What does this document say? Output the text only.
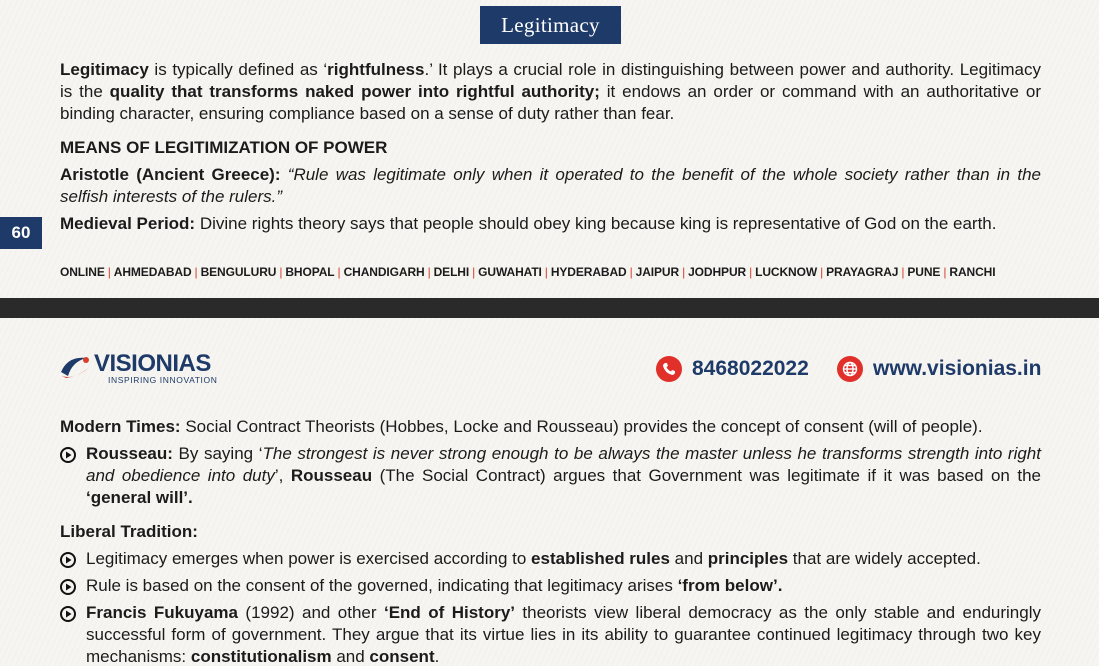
Legitimacy

Legitimacy is typically defined as ‘rightfulness.’ It plays a crucial role in distinguishing between power and authority. Legitimacy is the quality that transforms naked power into rightful authority; it endows an order or command with an authoritative or binding character, ensuring compliance based on a sense of duty rather than fear.

MEANS OF LEGITIMIZATION OF POWER

Aristotle (Ancient Greece): “Rule was legitimate only when it operated to the benefit of the whole society rather than in the selfish interests of the rulers.”

Medieval Period: Divine rights theory says that people should obey king because king is representative of God on the earth.

60
ONLINE | AHMEDABAD | BENGULURU | BHOPAL | CHANDIGARH | DELHI | GUWAHATI | HYDERABAD | JAIPUR | JODHPUR | LUCKNOW | PRAYAGRAJ | PUNE | RANCHI
VISIONIAS
INSPIRING INNOVATION	8468022022	www.visionias.in

Modern Times: Social Contract Theorists (Hobbes, Locke and Rousseau) provides the concept of consent (will of people).

Rousseau: By saying ‘The strongest is never strong enough to be always the master unless he transforms strength into right and obedience into duty’, Rousseau (The Social Contract) argues that Government was legitimate if it was based on the ‘general will’.
Liberal Tradition:
Legitimacy emerges when power is exercised according to established rules and principles that are widely accepted.
Rule is based on the consent of the governed, indicating that legitimacy arises ‘from below’.
Francis Fukuyama (1992) and other ‘End of History’ theorists view liberal democracy as the only stable and enduringly successful form of government. They argue that its virtue lies in its ability to guarantee continued legitimacy through two key mechanisms: constitutionalism and consent.
